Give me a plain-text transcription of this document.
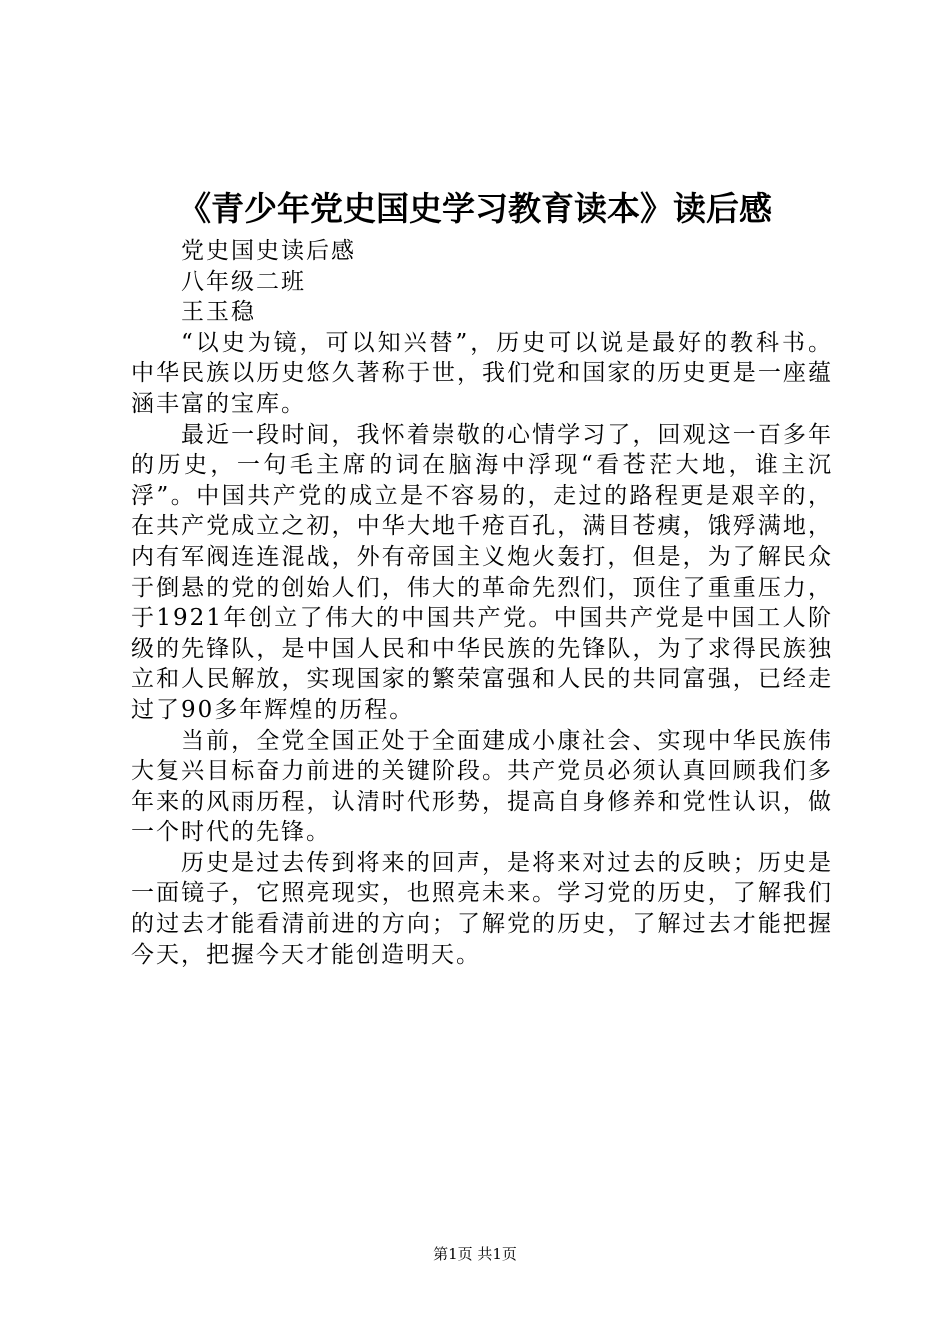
《青少年党史国史学习教育读本》读后感

党史国史读后感

八年级二班

王玉稳

“以史为镜，可以知兴替”，历史可以说是最好的教科书。中华民族以历史悠久著称于世，我们党和国家的历史更是一座蕴涵丰富的宝库。

最近一段时间，我怀着崇敬的心情学习了，回观这一百多年的历史，一句毛主席的词在脑海中浮现“看苍茫大地，谁主沉浮”。中国共产党的成立是不容易的，走过的路程更是艰辛的，在共产党成立之初，中华大地千疮百孔，满目苍痍，饿殍满地，内有军阀连连混战，外有帝国主义炮火轰打，但是，为了解民众于倒悬的党的创始人们，伟大的革命先烈们，顶住了重重压力，于1921年创立了伟大的中国共产党。中国共产党是中国工人阶级的先锋队，是中国人民和中华民族的先锋队，为了求得民族独立和人民解放，实现国家的繁荣富强和人民的共同富强，已经走过了90多年辉煌的历程。

当前，全党全国正处于全面建成小康社会、实现中华民族伟大复兴目标奋力前进的关键阶段。共产党员必须认真回顾我们多年来的风雨历程，认清时代形势，提高自身修养和党性认识，做一个时代的先锋。

历史是过去传到将来的回声，是将来对过去的反映；历史是一面镜子，它照亮现实，也照亮未来。学习党的历史，了解我们的过去才能看清前进的方向；了解党的历史，了解过去才能把握今天，把握今天才能创造明天。

第1页 共1页
